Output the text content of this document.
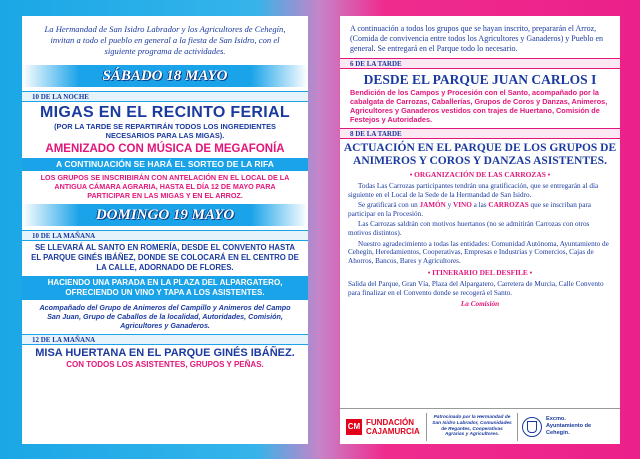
La Hermandad de San Isidro Labrador y los Agricultores de Cehegín, invitan a todo el pueblo en general a la fiesta de San Isidro, con el siguiente programa de actividades.
SÁBADO 18 MAYO
10 DE LA NOCHE
MIGAS EN EL RECINTO FERIAL
(POR LA TARDE SE REPARTIRÁN TODOS LOS INGREDIENTES NECESARIOS PARA LAS MIGAS).
AMENIZADO CON MÚSICA DE MEGAFONÍA
A CONTINUACIÓN SE HARÁ EL SORTEO DE LA RIFA
LOS GRUPOS SE INSCRIBIRÁN CON ANTELACIÓN EN EL LOCAL DE LA ANTIGUA CÁMARA AGRARIA, HASTA EL DÍA 12 DE MAYO PARA PARTICIPAR EN LAS MIGAS Y EN EL ARROZ.
DOMINGO 19 MAYO
10 DE LA MAÑANA
SE LLEVARÁ AL SANTO EN ROMERÍA, DESDE EL CONVENTO HASTA EL PARQUE GINÉS IBÁÑEZ, DONDE SE COLOCARÁ EN EL CENTRO DE LA CALLE, ADORNADO DE FLORES.
HACIENDO UNA PARADA EN LA PLAZA DEL ALPARGATERO, OFRECIENDO UN VINO Y TAPA A LOS ASISTENTES.
Acompañado del Grupo de Animeros del Campillo y Animeros del Campo San Juan, Grupo de Caballos de la localidad, Autoridades, Comisión, Agricultores y Ganaderos.
12 DE LA MAÑANA
MISA HUERTANA EN EL PARQUE GINÉS IBÁÑEZ.
CON TODOS LOS ASISTENTES, GRUPOS Y PEÑAS.
A continuación a todos los grupos que se hayan inscrito, prepararán el Arroz, (Comida de convivencia entre todos los Agricultores y Ganaderos) y Pueblo en general. Se entregará en el Parque todo lo necesario.
6 DE LA TARDE
DESDE EL PARQUE JUAN CARLOS I
Bendición de los Campos y Procesión con el Santo, acompañado por la cabalgata de Carrozas, Caballerías, Grupos de Coros y Danzas, Animeros, Agricultores y Ganaderos vestidos con trajes de Huertano, Comisión de Festejos y Autoridades.
8 DE LA TARDE
ACTUACIÓN EN EL PARQUE DE LOS GRUPOS DE ANIMEROS Y COROS Y DANZAS ASISTENTES.
• ORGANIZACIÓN DE LAS CARROZAS •
Todas Las Carrozas participantes tendrán una gratificación, que se entregarán al día siguiente en el Local de la Sede de la Hermandad de San Isidro.
Se gratificará con un JAMÓN y VINO a las CARROZAS que se inscriban para participar en la Procesión.
Las Carrozas saldrán con motivos huertanos (no se admitirán Carrozas con otros motivos distintos).
Nuestro agradecimiento a todas las entidades: Comunidad Autónoma, Ayuntamiento de Cehegín, Heredamientos, Cooperativas, Empresas e Industrias y Comercios, Cajas de Ahorros, Bancos, Bares y Agricultores.
• ITINERARIO DEL DESFILE •
Salida del Parque, Gran Vía, Plaza del Alpargatero, Carretera de Murcia, Calle Convento para finalizar en el Convento donde se recogerá el Santo.
La Comisión
CM FUNDACIÓN CAJAMURCIA
Patrocinado por la Hermandad de San Isidro Labrador, Comunidades de Regantes, Cooperativas Agrarias y Agricultores.
Excmo. Ayuntamiento de Cehegín.
